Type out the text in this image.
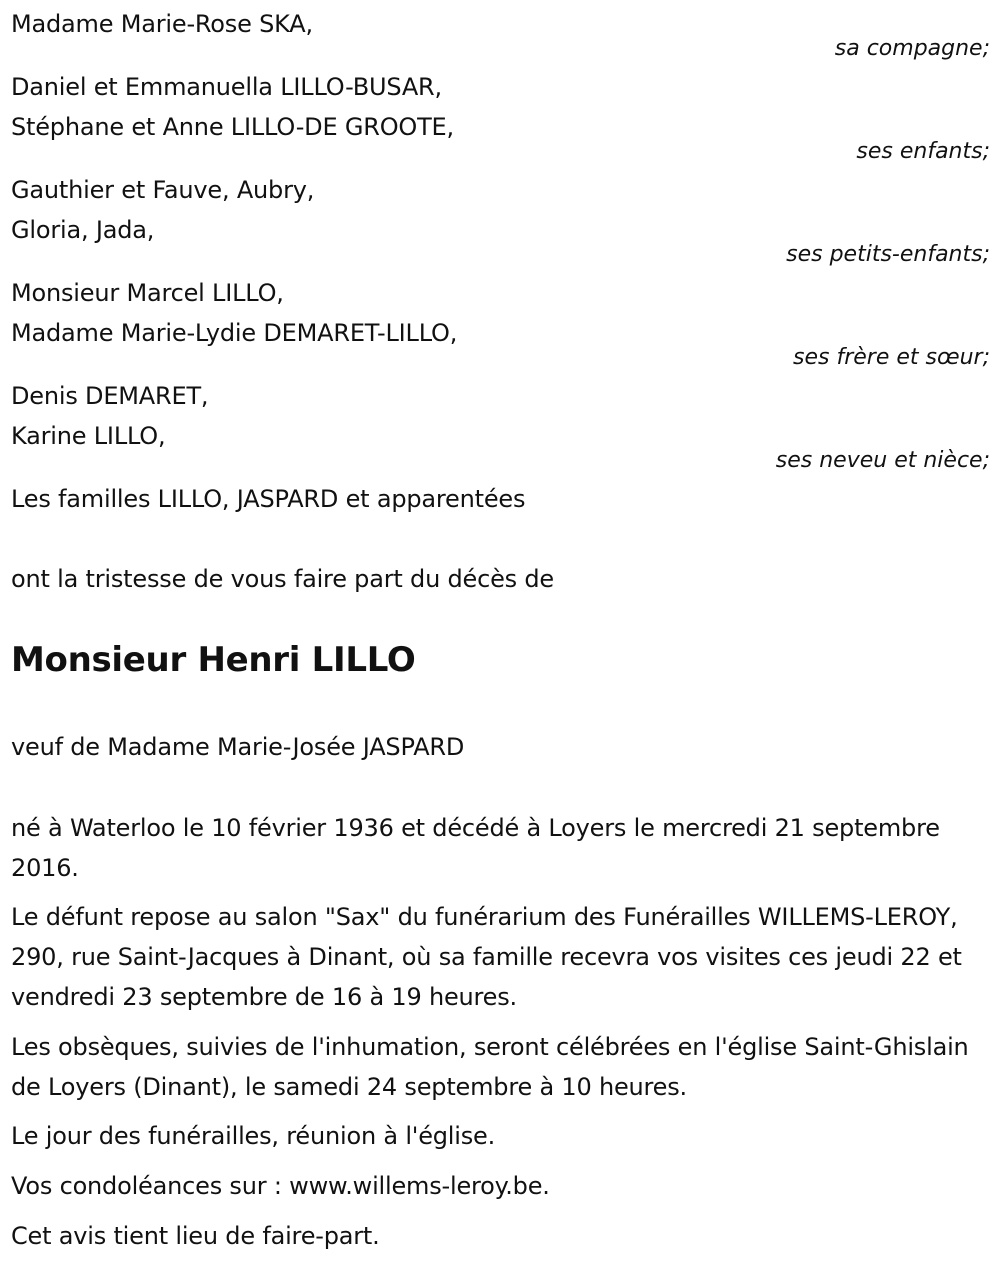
Madame Marie-Rose SKA,
sa compagne;
Daniel et Emmanuella LILLO-BUSAR,
Stéphane et Anne LILLO-DE GROOTE,
ses enfants;
Gauthier et Fauve, Aubry,
Gloria, Jada,
ses petits-enfants;
Monsieur Marcel LILLO,
Madame Marie-Lydie DEMARET-LILLO,
ses frère et sœur;
Denis DEMARET,
Karine LILLO,
ses neveu et nièce;
Les familles LILLO, JASPARD et apparentées
ont la tristesse de vous faire part du décès de
Monsieur Henri LILLO
veuf de Madame Marie-Josée JASPARD
né à Waterloo le 10 février 1936 et décédé à Loyers le mercredi 21 septembre 2016.
Le défunt repose au salon "Sax" du funérarium des Funérailles WILLEMS-LEROY, 290, rue Saint-Jacques à Dinant, où sa famille recevra vos visites ces jeudi 22 et vendredi 23 septembre de 16 à 19 heures.
Les obsèques, suivies de l'inhumation, seront célébrées en l'église Saint-Ghislain de Loyers (Dinant), le samedi 24 septembre à 10 heures.
Le jour des funérailles, réunion à l'église.
Vos condoléances sur : www.willems-leroy.be.
Cet avis tient lieu de faire-part.
